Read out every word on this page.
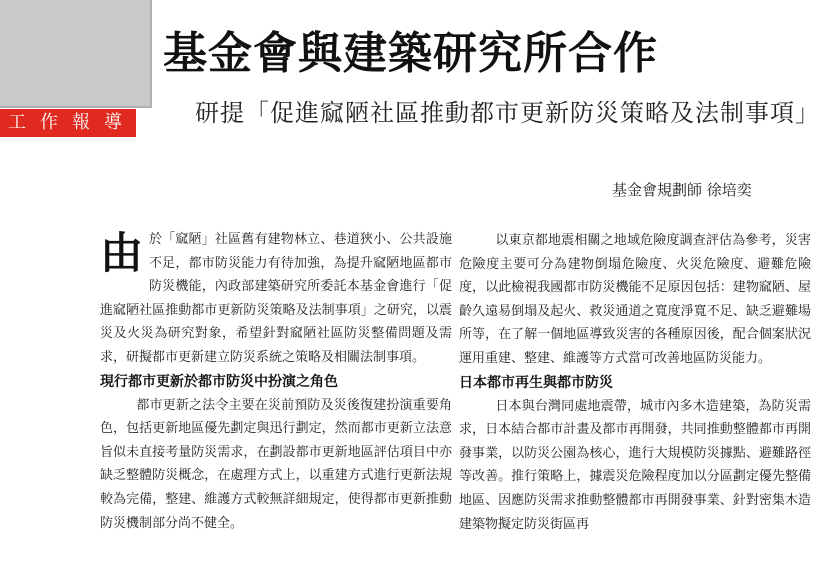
工作報導
基金會與建築研究所合作
研提「促進窳陋社區推動都市更新防災策略及法制事項」
基金會規劃師 徐培奕

由於「窳陋」社區舊有建物林立、巷道狹小、公共設施不足，都市防災能力有待加強，為提升窳陋地區都市防災機能，內政部建築研究所委託本基金會進行「促進窳陋社區推動都市更新防災策略及法制事項」之研究，以震災及火災為研究對象，希望針對窳陋社區防災整備問題及需求，研擬都市更新建立防災系統之策略及相關法制事項。

現行都市更新於都市防災中扮演之角色

都市更新之法令主要在災前預防及災後復建扮演重要角色，包括更新地區優先劃定與迅行劃定，然而都市更新立法意旨似未直接考量防災需求，在劃設都市更新地區評估項目中亦缺乏整體防災概念，在處理方式上，以重建方式進行更新法規較為完備，整建、維護方式較無詳細規定，使得都市更新推動防災機制部分尚不健全。

以東京都地震相關之地域危險度調查評估為參考，災害危險度主要可分為建物倒塌危險度、火災危險度、避難危險度，以此檢視我國都市防災機能不足原因包括：建物窳陋、屋齡久遠易倒塌及起火、救災通道之寬度淨寬不足、缺乏避難場所等，在了解一個地區導致災害的各種原因後，配合個案狀況運用重建、整建、維護等方式當可改善地區防災能力。

日本都市再生與都市防災

日本與台灣同處地震帶，城市內多木造建築，為防災需求，日本結合都市計畫及都市再開發，共同推動整體都市再開發事業，以防災公園為核心，進行大規模防災據點、避難路徑等改善。推行策略上，據震災危險程度加以分區劃定優先整備地區、因應防災需求推動整體都市再開發事業、針對密集木造建築物擬定防災街區再
